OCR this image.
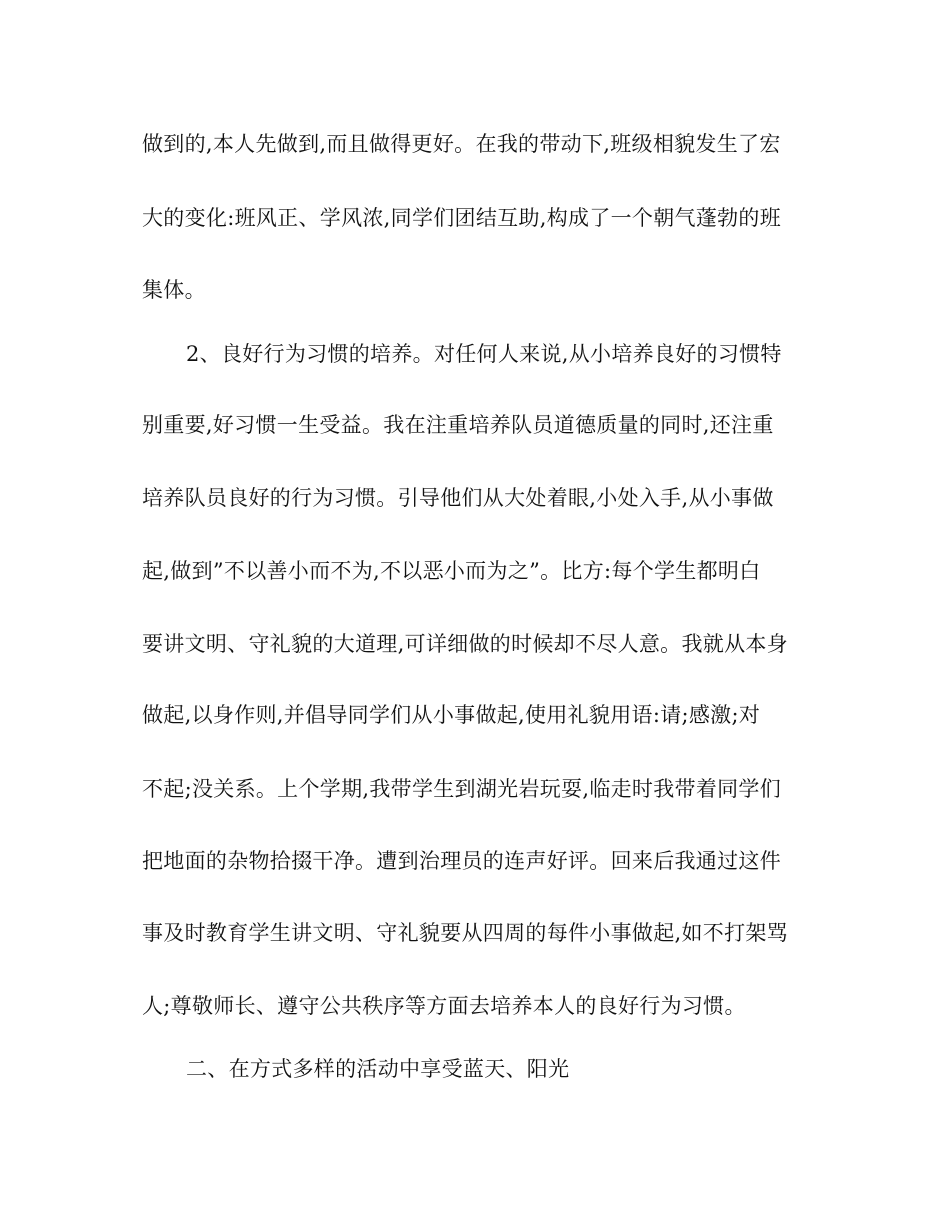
做到的,本人先做到,而且做得更好。在我的带动下,班级相貌发生了宏
大的变化:班风正、学风浓,同学们团结互助,构成了一个朝气蓬勃的班
集体。
2、良好行为习惯的培养。对任何人来说,从小培养良好的习惯特
别重要,好习惯一生受益。我在注重培养队员道德质量的同时,还注重
培养队员良好的行为习惯。引导他们从大处着眼,小处入手,从小事做
起,做到”不以善小而不为,不以恶小而为之”。比方:每个学生都明白
要讲文明、守礼貌的大道理,可详细做的时候却不尽人意。我就从本身
做起,以身作则,并倡导同学们从小事做起,使用礼貌用语:请;感激;对
不起;没关系。上个学期,我带学生到湖光岩玩耍,临走时我带着同学们
把地面的杂物拾掇干净。遭到治理员的连声好评。回来后我通过这件
事及时教育学生讲文明、守礼貌要从四周的每件小事做起,如不打架骂
人;尊敬师长、遵守公共秩序等方面去培养本人的良好行为习惯。
二、在方式多样的活动中享受蓝天、阳光
